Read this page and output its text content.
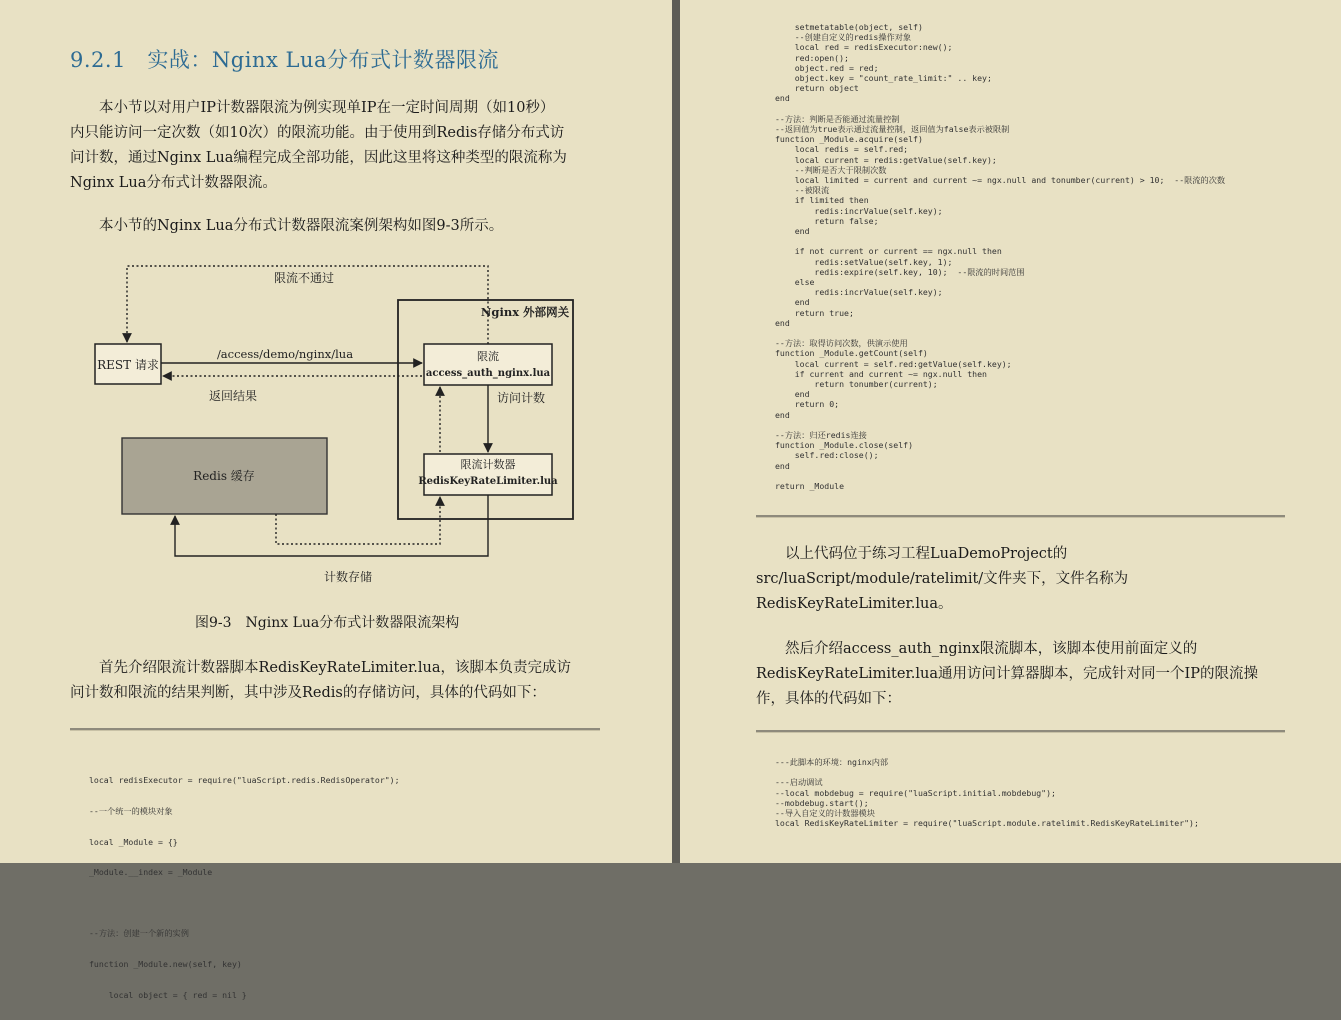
9.2.1　实战：Nginx Lua分布式计数器限流
　　本小节以对用户IP计数器限流为例实现单IP在一定时间周期（如10秒）
内只能访问一定次数（如10次）的限流功能。由于使用到Redis存储分布式访
问计数，通过Nginx Lua编程完成全部功能，因此这里将这种类型的限流称为
Nginx Lua分布式计数器限流。
　　本小节的Nginx Lua分布式计数器限流案例架构如图9-3所示。
Nginx 外部网关
限流不通过
REST 请求
/access/demo/nginx/lua
返回结果
限流
access_auth_nginx.lua
访问计数
限流计数器
RedisKeyRateLimiter.lua
Redis 缓存
计数存储
图9-3　Nginx Lua分布式计数器限流架构
　　首先介绍限流计数器脚本RedisKeyRateLimiter.lua，该脚本负责完成访
问计数和限流的结果判断，其中涉及Redis的存储访问，具体的代码如下：

local redisExecutor = require("luaScript.redis.RedisOperator");

--一个统一的模块对象

local _Module = {}

_Module.__index = _Module

--方法：创建一个新的实例

function _Module.new(self, key)

local object = { red = nil }

setmetatable(object, self)
--创建自定义的redis操作对象
local red = redisExecutor:new();
red:open();
object.red = red;
object.key = "count_rate_limit:" .. key;
return object
end
--方法：判断是否能通过流量控制
--返回值为true表示通过流量控制，返回值为false表示被限制
function _Module.acquire(self)
local redis = self.red;
local current = redis:getValue(self.key);
--判断是否大于限制次数
local limited = current and current ~= ngx.null and tonumber(current) > 10;  --限流的次数
--被限流
if limited then
redis:incrValue(self.key);
return false;
end
if not current or current == ngx.null then
redis:setValue(self.key, 1);
redis:expire(self.key, 10);  --限流的时间范围
else
redis:incrValue(self.key);
end
return true;
end
--方法：取得访问次数，供演示使用
function _Module.getCount(self)
local current = self.red:getValue(self.key);
if current and current ~= ngx.null then
return tonumber(current);
end
return 0;
end
--方法：归还redis连接
function _Module.close(self)
self.red:close();
end
return _Module
　　以上代码位于练习工程LuaDemoProject的
src/luaScript/module/ratelimit/文件夹下，文件名称为
RedisKeyRateLimiter.lua。
　　然后介绍access_auth_nginx限流脚本，该脚本使用前面定义的
RedisKeyRateLimiter.lua通用访问计算器脚本，完成针对同一个IP的限流操
作，具体的代码如下：
---此脚本的环境：nginx内部
---启动调试
--local mobdebug = require("luaScript.initial.mobdebug");
--mobdebug.start();
--导入自定义的计数器模块
local RedisKeyRateLimiter = require("luaScript.module.ratelimit.RedisKeyRateLimiter");
